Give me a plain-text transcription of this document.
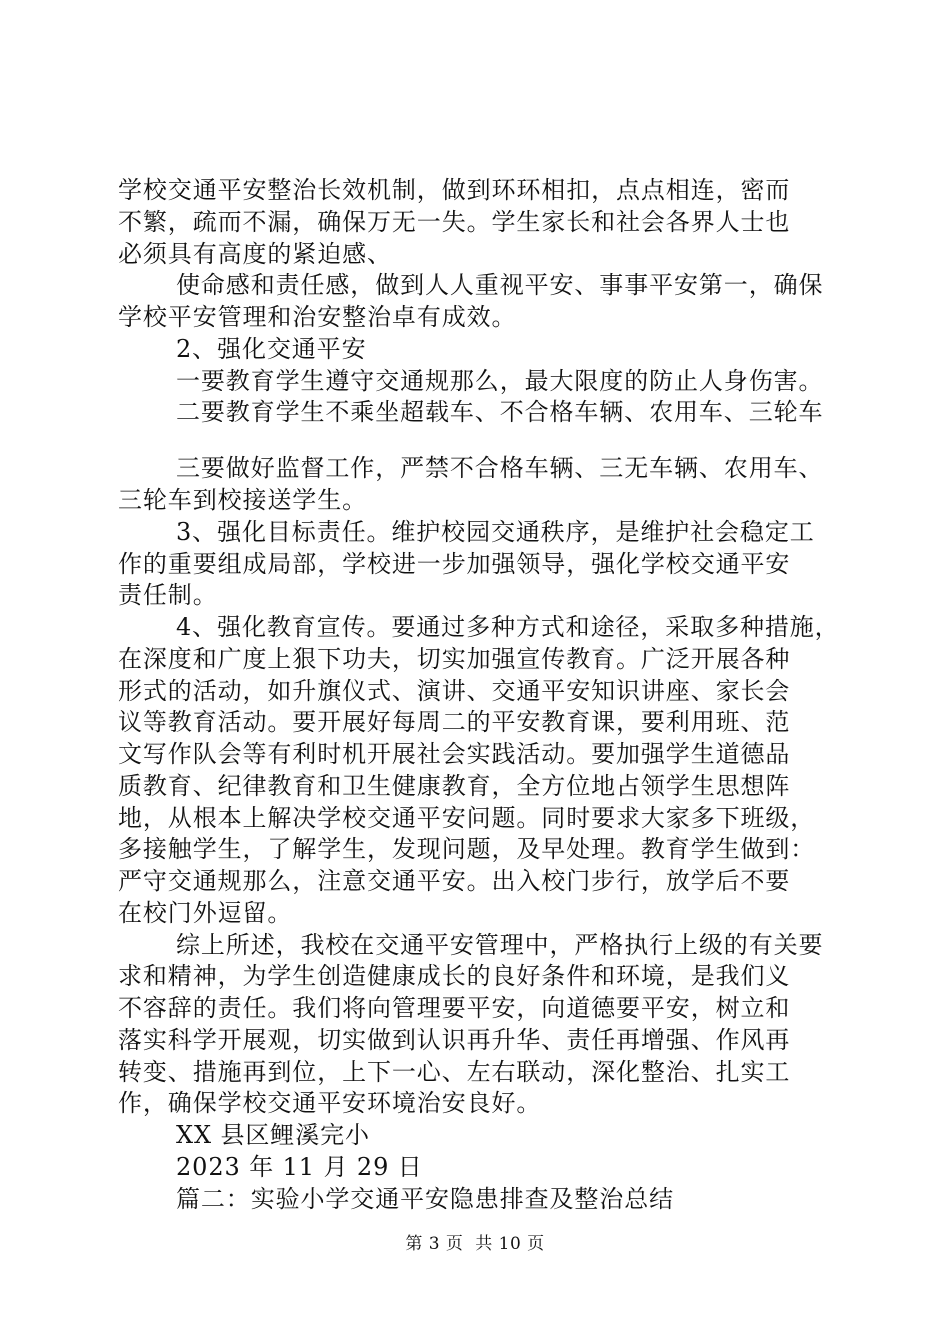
学校交通平安整治长效机制，做到环环相扣，点点相连，密而
不繁，疏而不漏，确保万无一失。学生家长和社会各界人士也
必须具有高度的紧迫感、
使命感和责任感，做到人人重视平安、事事平安第一，确保
学校平安管理和治安整治卓有成效。
2、强化交通平安
一要教育学生遵守交通规那么，最大限度的防止人身伤害。
二要教育学生不乘坐超载车、不合格车辆、农用车、三轮车
三要做好监督工作，严禁不合格车辆、三无车辆、农用车、
三轮车到校接送学生。
3、强化目标责任。维护校园交通秩序，是维护社会稳定工
作的重要组成局部，学校进一步加强领导，强化学校交通平安
责任制。
4、强化教育宣传。要通过多种方式和途径，采取多种措施，
在深度和广度上狠下功夫，切实加强宣传教育。广泛开展各种
形式的活动，如升旗仪式、演讲、交通平安知识讲座、家长会
议等教育活动。要开展好每周二的平安教育课，要利用班、范
文写作队会等有利时机开展社会实践活动。要加强学生道德品
质教育、纪律教育和卫生健康教育，全方位地占领学生思想阵
地，从根本上解决学校交通平安问题。同时要求大家多下班级，
多接触学生，了解学生，发现问题，及早处理。教育学生做到：
严守交通规那么，注意交通平安。出入校门步行，放学后不要
在校门外逗留。
综上所述，我校在交通平安管理中，严格执行上级的有关要
求和精神，为学生创造健康成长的良好条件和环境，是我们义
不容辞的责任。我们将向管理要平安，向道德要平安，树立和
落实科学开展观，切实做到认识再升华、责任再增强、作风再
转变、措施再到位，上下一心、左右联动，深化整治、扎实工
作，确保学校交通平安环境治安良好。
XX 县区鲤溪完小
2023 年 11 月 29 日
篇二：实验小学交通平安隐患排查及整治总结
第 3 页  共 10 页
